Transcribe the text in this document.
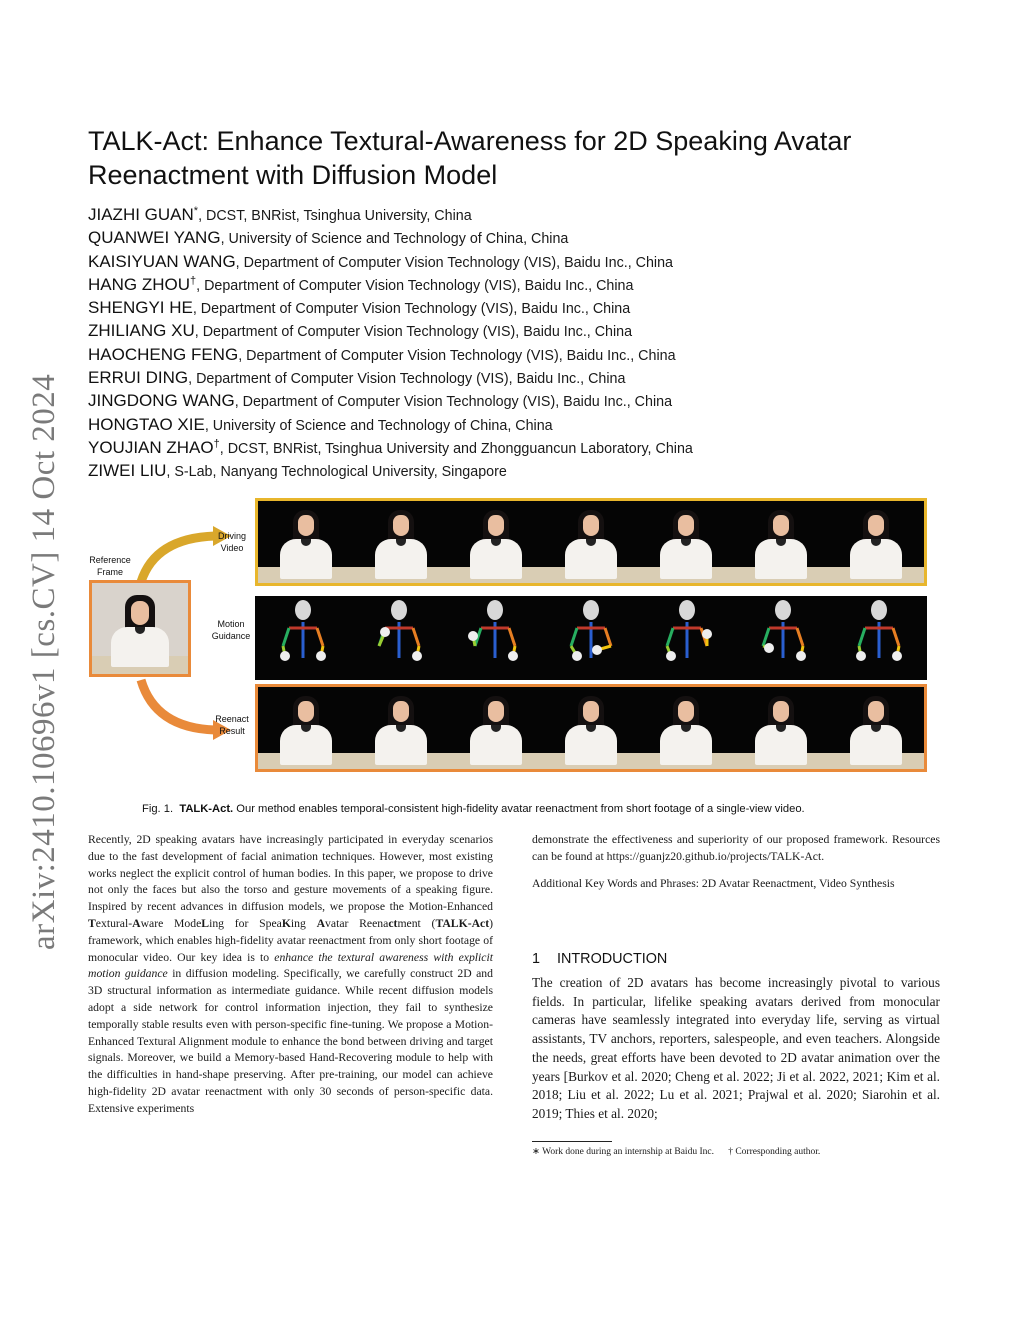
arXiv:2410.10696v1 [cs.CV] 14 Oct 2024
TALK-Act: Enhance Textural-Awareness for 2D Speaking Avatar Reenactment with Diffusion Model
JIAZHI GUAN*, DCST, BNRist, Tsinghua University, China
QUANWEI YANG, University of Science and Technology of China, China
KAISIYUAN WANG, Department of Computer Vision Technology (VIS), Baidu Inc., China
HANG ZHOU†, Department of Computer Vision Technology (VIS), Baidu Inc., China
SHENGYI HE, Department of Computer Vision Technology (VIS), Baidu Inc., China
ZHILIANG XU, Department of Computer Vision Technology (VIS), Baidu Inc., China
HAOCHENG FENG, Department of Computer Vision Technology (VIS), Baidu Inc., China
ERRUI DING, Department of Computer Vision Technology (VIS), Baidu Inc., China
JINGDONG WANG, Department of Computer Vision Technology (VIS), Baidu Inc., China
HONGTAO XIE, University of Science and Technology of China, China
YOUJIAN ZHAO†, DCST, BNRist, Tsinghua University and Zhongguancun Laboratory, China
ZIWEI LIU, S-Lab, Nanyang Technological University, Singapore
Reference Frame
Driving Video
Motion Guidance
Reenact Result
Fig. 1. TALK-Act. Our method enables temporal-consistent high-fidelity avatar reenactment from short footage of a single-view video.
Recently, 2D speaking avatars have increasingly participated in everyday scenarios due to the fast development of facial animation techniques. However, most existing works neglect the explicit control of human bodies. In this paper, we propose to drive not only the faces but also the torso and gesture movements of a speaking figure. Inspired by recent advances in diffusion models, we propose the Motion-Enhanced Textural-Aware ModeLing for SpeaKing Avatar Reenactment (TALK-Act) framework, which enables high-fidelity avatar reenactment from only short footage of monocular video. Our key idea is to enhance the textural awareness with explicit motion guidance in diffusion modeling. Specifically, we carefully construct 2D and 3D structural information as intermediate guidance. While recent diffusion models adopt a side network for control information injection, they fail to synthesize temporally stable results even with person-specific fine-tuning. We propose a Motion-Enhanced Textural Alignment module to enhance the bond between driving and target signals. Moreover, we build a Memory-based Hand-Recovering module to help with the difficulties in hand-shape preserving. After pre-training, our model can achieve high-fidelity 2D avatar reenactment with only 30 seconds of person-specific data. Extensive experiments
demonstrate the effectiveness and superiority of our proposed framework. Resources can be found at https://guanjz20.github.io/projects/TALK-Act.
Additional Key Words and Phrases: 2D Avatar Reenactment, Video Synthesis
1 INTRODUCTION
The creation of 2D avatars has become increasingly pivotal to various fields. In particular, lifelike speaking avatars derived from monocular cameras have seamlessly integrated into everyday life, serving as virtual assistants, TV anchors, reporters, salespeople, and even teachers. Alongside the needs, great efforts have been devoted to 2D avatar animation over the years [Burkov et al. 2020; Cheng et al. 2022; Ji et al. 2022, 2021; Kim et al. 2018; Liu et al. 2022; Lu et al. 2021; Prajwal et al. 2020; Siarohin et al. 2019; Thies et al. 2020;
∗ Work done during an internship at Baidu Inc. † Corresponding author.
